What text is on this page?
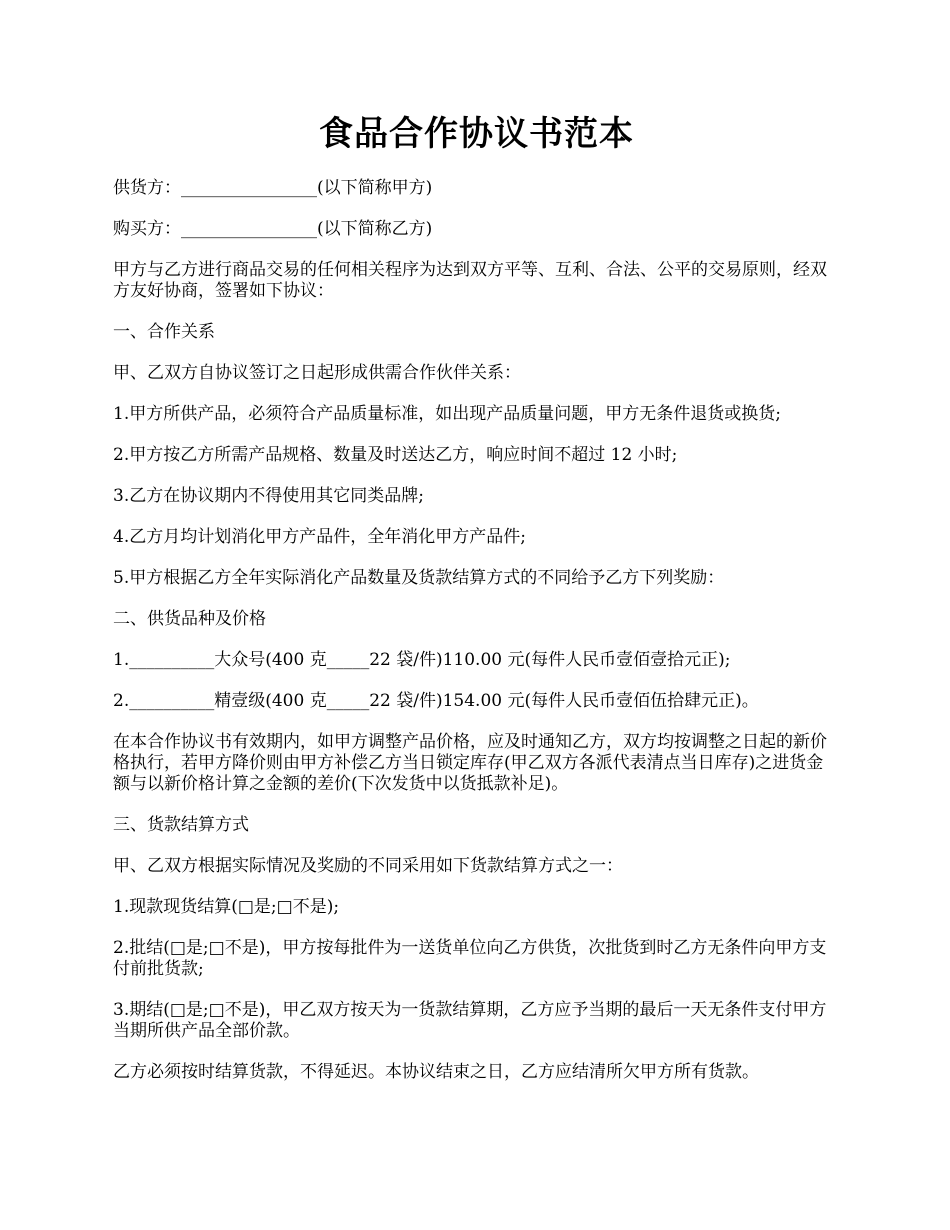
食品合作协议书范本
供货方：________________(以下简称甲方)
购买方：________________(以下简称乙方)
甲方与乙方进行商品交易的任何相关程序为达到双方平等、互利、合法、公平的交易原则，经双方友好协商，签署如下协议：
一、合作关系
甲、乙双方自协议签订之日起形成供需合作伙伴关系：
1.甲方所供产品，必须符合产品质量标准，如出现产品质量问题，甲方无条件退货或换货;
2.甲方按乙方所需产品规格、数量及时送达乙方，响应时间不超过 12 小时;
3.乙方在协议期内不得使用其它同类品牌;
4.乙方月均计划消化甲方产品件，全年消化甲方产品件;
5.甲方根据乙方全年实际消化产品数量及货款结算方式的不同给予乙方下列奖励：
二、供货品种及价格
1.__________大众号(400 克_____22 袋/件)110.00 元(每件人民币壹佰壹拾元正);
2.__________精壹级(400 克_____22 袋/件)154.00 元(每件人民币壹佰伍拾肆元正)。
在本合作协议书有效期内，如甲方调整产品价格，应及时通知乙方，双方均按调整之日起的新价格执行，若甲方降价则由甲方补偿乙方当日锁定库存(甲乙双方各派代表清点当日库存)之进货金额与以新价格计算之金额的差价(下次发货中以货抵款补足)。
三、货款结算方式
甲、乙双方根据实际情况及奖励的不同采用如下货款结算方式之一：
1.现款现货结算(□是;□不是);
2.批结(□是;□不是)，甲方按每批件为一送货单位向乙方供货，次批货到时乙方无条件向甲方支付前批货款;
3.期结(□是;□不是)，甲乙双方按天为一货款结算期，乙方应予当期的最后一天无条件支付甲方当期所供产品全部价款。
乙方必须按时结算货款，不得延迟。本协议结束之日，乙方应结清所欠甲方所有货款。
